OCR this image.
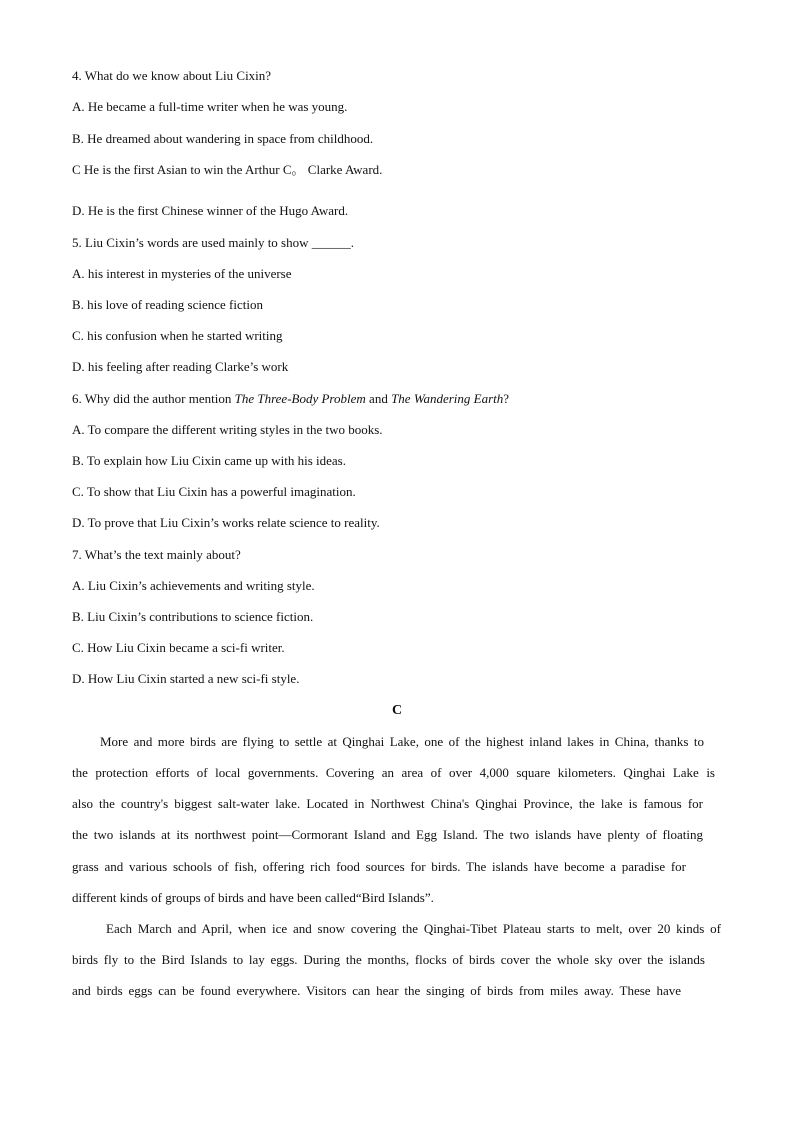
4. What do we know about Liu Cixin?
A. He became a full-time writer when he was young.
B. He dreamed about wandering in space from childhood.
C He is the first Asian to win the Arthur C。 Clarke Award.
D. He is the first Chinese winner of the Hugo Award.
5. Liu Cixin’s words are used mainly to show ______.
A. his interest in mysteries of the universe
B. his love of reading science fiction
C. his confusion when he started writing
D. his feeling after reading Clarke’s work
6. Why did the author mention The Three-Body Problem and The Wandering Earth?
A. To compare the different writing styles in the two books.
B. To explain how Liu Cixin came up with his ideas.
C. To show that Liu Cixin has a powerful imagination.
D. To prove that Liu Cixin’s works relate science to reality.
7. What’s the text mainly about?
A. Liu Cixin’s achievements and writing style.
B. Liu Cixin’s contributions to science fiction.
C. How Liu Cixin became a sci-fi writer.
D. How Liu Cixin started a new sci-fi style.
C
More and more birds are flying to settle at Qinghai Lake, one of the highest inland lakes in China, thanks to
the protection efforts of local governments. Covering an area of over 4,000 square kilometers. Qinghai Lake is
also the country's biggest salt-water lake. Located in Northwest China's Qinghai Province, the lake is famous for
the two islands at its northwest point—Cormorant Island and Egg Island. The two islands have plenty of floating
grass and various schools of fish, offering rich food sources for birds. The islands have become a paradise for
different kinds of groups of birds and have been called“Bird Islands”.
Each March and April, when ice and snow covering the Qinghai-Tibet Plateau starts to melt, over 20 kinds of
birds fly to the Bird Islands to lay eggs. During the months, flocks of birds cover the whole sky over the islands
and birds eggs can be found everywhere. Visitors can hear the singing of birds from miles away. These have
